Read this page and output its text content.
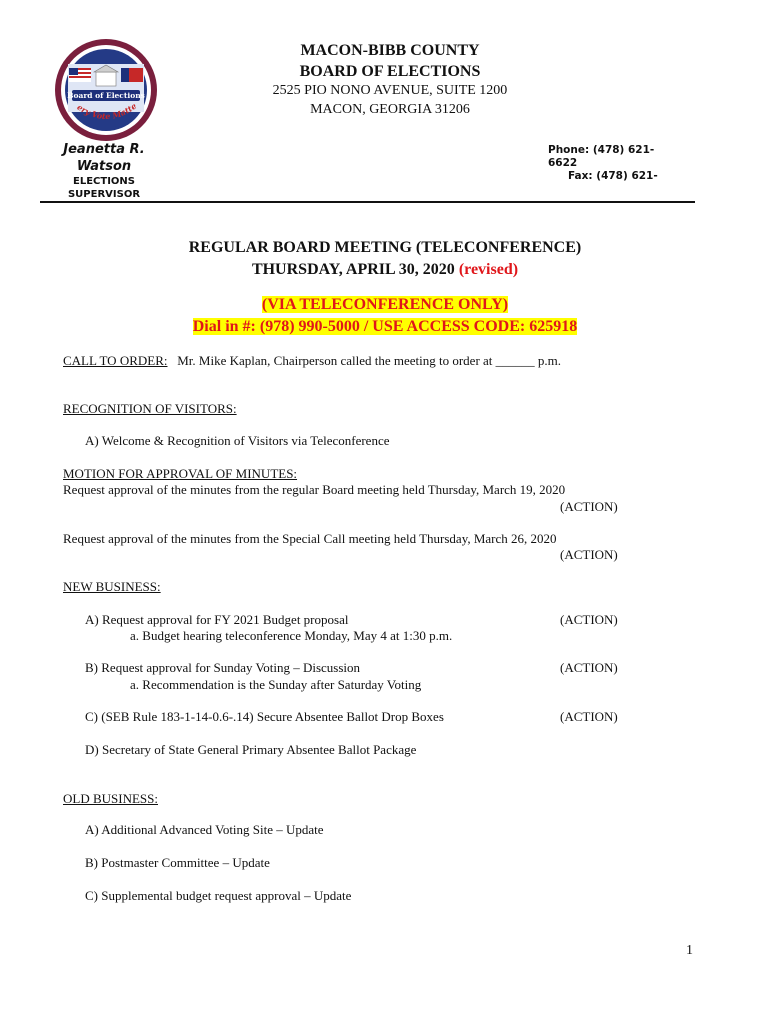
Board of Elections
ery Vote Matte
MACON-BIBB COUNTY
BOARD OF ELECTIONS
2525 PIO NONO AVENUE, SUITE 1200
MACON, GEORGIA 31206
Jeanetta R. Watson
ELECTIONS SUPERVISOR
Phone: (478) 621-6622
Fax: (478) 621-
REGULAR BOARD MEETING (TELECONFERENCE)
THURSDAY, APRIL 30, 2020 (revised)
(VIA TELECONFERENCE ONLY)
Dial in #: (978) 990-5000 / USE ACCESS CODE: 625918
CALL TO ORDER: Mr. Mike Kaplan, Chairperson called the meeting to order at ______ p.m.
RECOGNITION OF VISITORS:
A) Welcome & Recognition of Visitors via Teleconference
MOTION FOR APPROVAL OF MINUTES:
Request approval of the minutes from the regular Board meeting held Thursday, March 19, 2020
(ACTION)
Request approval of the minutes from the Special Call meeting held Thursday, March 26, 2020
(ACTION)
NEW BUSINESS:
A) Request approval for FY 2021 Budget proposal	(ACTION)
a. Budget hearing teleconference Monday, May 4 at 1:30 p.m.
B) Request approval for Sunday Voting – Discussion	(ACTION)
a. Recommendation is the Sunday after Saturday Voting
C) (SEB Rule 183-1-14-0.6-.14) Secure Absentee Ballot Drop Boxes	(ACTION)
D) Secretary of State General Primary Absentee Ballot Package
OLD BUSINESS:
A) Additional Advanced Voting Site – Update
B) Postmaster Committee – Update
C) Supplemental budget request approval – Update
1
